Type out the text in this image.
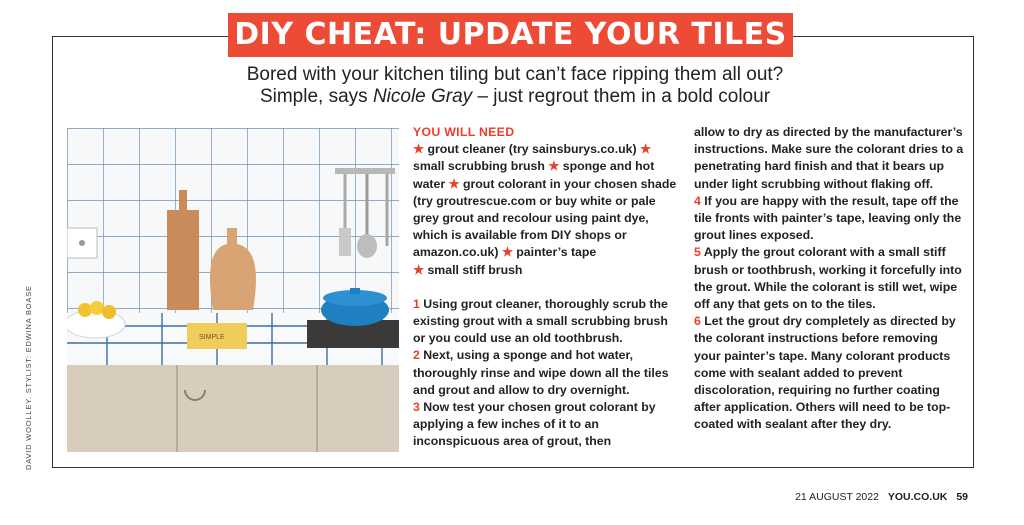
DIY CHEAT: UPDATE YOUR TILES
Bored with your kitchen tiling but can’t face ripping them all out?
Simple, says Nicole Gray – just regrout them in a bold colour
SIMPLE
YOU WILL NEED

★ grout cleaner (try sainsburys.co.uk) ★ small scrubbing brush ★ sponge and hot water ★ grout colorant in your chosen shade (try groutrescue.com or buy white or pale grey grout and recolour using paint dye, which is available from DIY shops or amazon.co.uk) ★ painter’s tape
★ small stiff brush

1 Using grout cleaner, thoroughly scrub the existing grout with a small scrubbing brush or you could use an old toothbrush.

2 Next, using a sponge and hot water, thoroughly rinse and wipe down all the tiles and grout and allow to dry overnight.

3 Now test your chosen grout colorant by applying a few inches of it to an inconspicuous area of grout, then

allow to dry as directed by the manufacturer’s instructions. Make sure the colorant dries to a penetrating hard finish and that it bears up under light scrubbing without flaking off.

4 If you are happy with the result, tape off the tile fronts with painter’s tape, leaving only the grout lines exposed.

5 Apply the grout colorant with a small stiff brush or toothbrush, working it forcefully into the grout. While the colorant is still wet, wipe off any that gets on to the tiles.

6 Let the grout dry completely as directed by the colorant instructions before removing your painter’s tape. Many colorant products come with sealant added to prevent discoloration, requiring no further coating after application. Others will need to be top-coated with sealant after they dry.

DAVID WOOLLEY. STYLIST: EDWINA BOASE
21 AUGUST 2022 YOU.CO.UK 59
